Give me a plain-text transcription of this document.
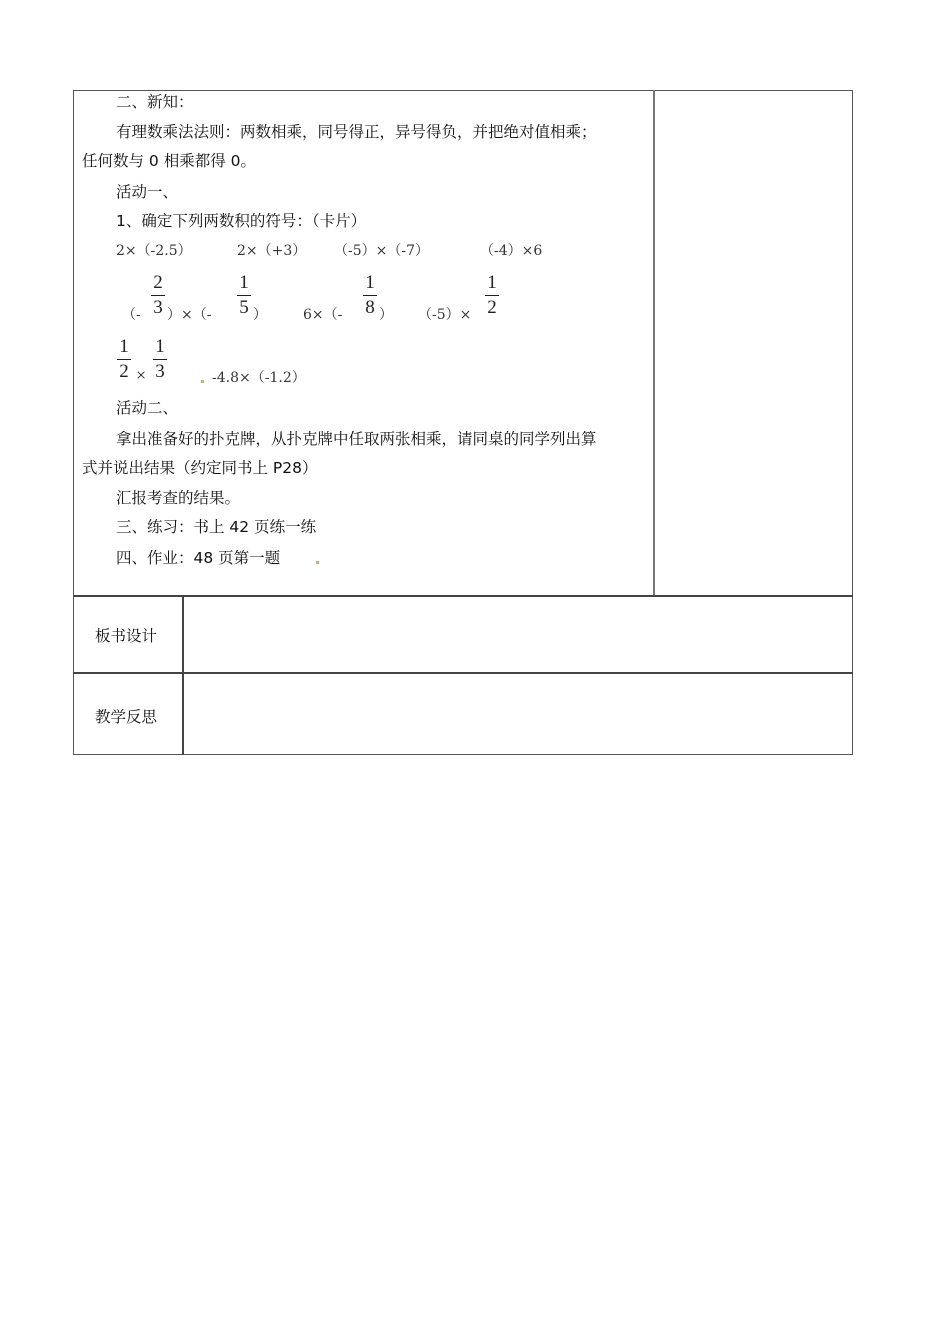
二、新知：
有理数乘法法则：两数相乘，同号得正，异号得负，并把绝对值相乘；
任何数与 0 相乘都得 0。
活动一、
1、确定下列两数积的符号：（卡片）
2×（-2.5）	2×（+3） （-5）×（-7）	（-4）×6
（-
2
3 ）×（-
1
5 ）	6×（-
1
8 ） （-5）×
1
2
1
2 ×
1
3	-4.8×（-1.2）
活动二、
拿出准备好的扑克牌，从扑克牌中任取两张相乘，请同桌的同学列出算
式并说出结果（约定同书上 P28）
汇报考查的结果。
三、练习：书上 42 页练一练
四、作业：48 页第一题
板书设计
教学反思
